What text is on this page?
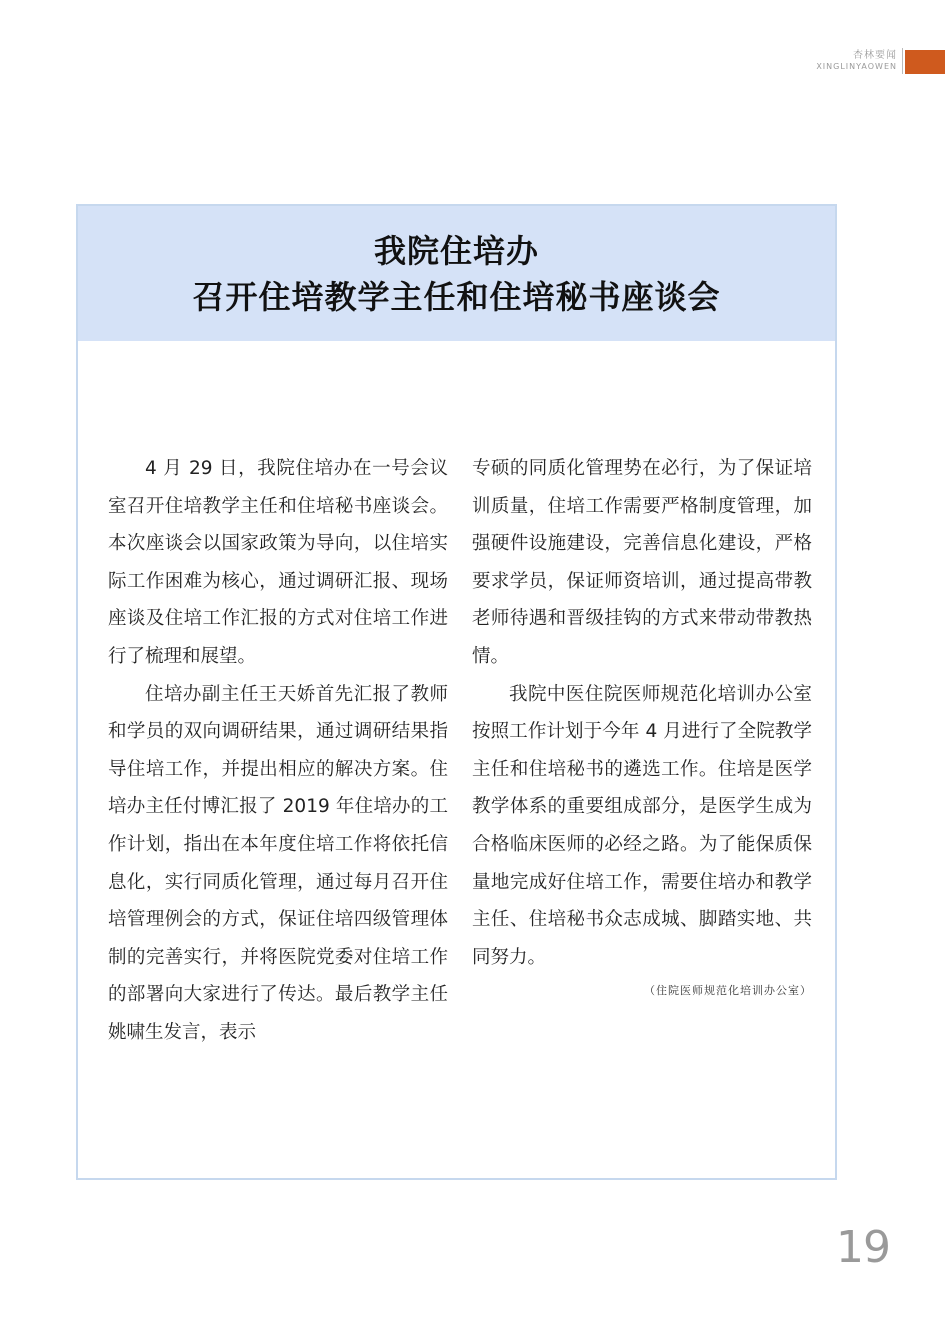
杏林要闻
XINGLINYAOWEN
我院住培办
召开住培教学主任和住培秘书座谈会

4 月 29 日，我院住培办在一号会议室召开住培教学主任和住培秘书座谈会。本次座谈会以国家政策为导向，以住培实际工作困难为核心，通过调研汇报、现场座谈及住培工作汇报的方式对住培工作进行了梳理和展望。

住培办副主任王天娇首先汇报了教师和学员的双向调研结果，通过调研结果指导住培工作，并提出相应的解决方案。住培办主任付博汇报了 2019 年住培办的工作计划，指出在本年度住培工作将依托信息化，实行同质化管理，通过每月召开住培管理例会的方式，保证住培四级管理体制的完善实行，并将医院党委对住培工作的部署向大家进行了传达。最后教学主任姚啸生发言，表示

专硕的同质化管理势在必行，为了保证培训质量，住培工作需要严格制度管理，加强硬件设施建设，完善信息化建设，严格要求学员，保证师资培训，通过提高带教老师待遇和晋级挂钩的方式来带动带教热情。

我院中医住院医师规范化培训办公室按照工作计划于今年 4 月进行了全院教学主任和住培秘书的遴选工作。住培是医学教学体系的重要组成部分，是医学生成为合格临床医师的必经之路。为了能保质保量地完成好住培工作，需要住培办和教学主任、住培秘书众志成城、脚踏实地、共同努力。

（住院医师规范化培训办公室）
19
